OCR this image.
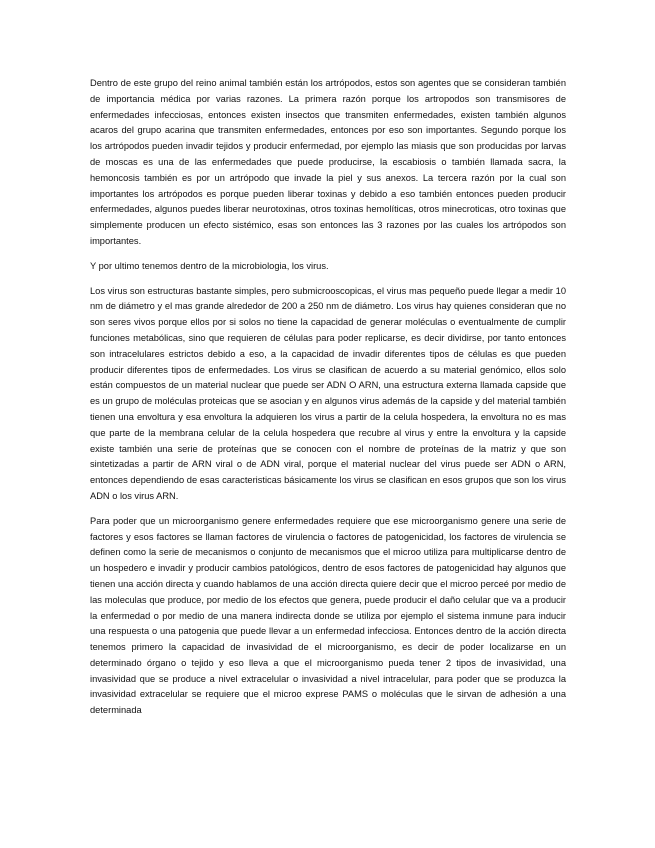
Dentro de este grupo del reino animal también están los artrópodos, estos son agentes que se consideran también de importancia médica por varias razones. La primera razón porque los artropodos son transmisores de enfermedades infecciosas, entonces existen insectos que transmiten enfermedades, existen también algunos acaros del grupo acarina que transmiten enfermedades, entonces por eso son importantes. Segundo porque los los artrópodos pueden invadir tejidos y producir enfermedad, por ejemplo las miasis que son producidas por larvas de moscas es una de las enfermedades que puede producirse, la escabiosis o también llamada sacra, la hemoncosis también es por un artrópodo que invade la piel y sus anexos. La tercera razón por la cual son importantes los artrópodos es porque pueden liberar toxinas y debido a eso también entonces pueden producir enfermedades, algunos puedes liberar neurotoxinas, otros toxinas hemolíticas, otros minecroticas, otro toxinas que simplemente producen un efecto sistémico, esas son entonces las 3 razones por las cuales los artrópodos son importantes.

Y por ultimo tenemos dentro de la microbiologia, los virus.

Los virus son estructuras bastante simples, pero submicrooscopicas, el virus mas pequeño puede llegar a medir 10 nm de diámetro y el mas grande alrededor de 200 a 250 nm de diámetro. Los virus hay quienes consideran que no son seres vivos porque ellos por si solos no tiene la capacidad de generar moléculas o eventualmente de cumplir funciones metabólicas, sino que requieren de células para poder replicarse, es decir dividirse, por tanto entonces son intracelulares estrictos debido a eso, a la capacidad de invadir diferentes tipos de células es que pueden producir diferentes tipos de enfermedades. Los virus se clasifican de acuerdo a su material genómico, ellos solo están compuestos de un material nuclear que puede ser ADN O ARN, una estructura externa llamada capside que es un grupo de moléculas proteicas que se asocian y en algunos virus además de la capside y del material también tienen una envoltura y esa envoltura la adquieren los virus a partir de la celula hospedera, la envoltura no es mas que parte de la membrana celular de la celula hospedera que recubre al virus y entre la envoltura y la capside existe también una serie de proteínas que se conocen con el nombre de proteínas de la matriz y que son sintetizadas a partir de ARN viral o de ADN viral, porque el material nuclear del virus puede ser ADN o ARN, entonces dependiendo de esas caracteristicas básicamente los virus se clasifican en esos grupos que son los virus ADN o los virus ARN.

Para poder que un microorganismo genere enfermedades requiere que ese microorganismo genere una serie de factores y esos factores se llaman factores de virulencia o factores de patogenicidad, los factores de virulencia se definen como la serie de mecanismos o conjunto de mecanismos que el microo utiliza para multiplicarse dentro de un hospedero e invadir y producir cambios patológicos, dentro de esos factores de patogenicidad hay algunos que tienen una acción directa y cuando hablamos de una acción directa quiere decir que el microo perceé por medio de las moleculas que produce, por medio de los efectos que genera, puede producir el daño celular que va a producir la enfermedad o por medio de una manera indirecta donde se utiliza por ejemplo el sistema inmune para inducir una respuesta o una patogenia que puede llevar a un enfermedad infecciosa. Entonces dentro de la acción directa tenemos primero la capacidad de invasividad de el microorganismo, es decir de poder localizarse en un determinado órgano o tejido y eso lleva a que el microorganismo pueda tener 2 tipos de invasividad, una invasividad que se produce a nivel extracelular o invasividad a nivel intracelular, para poder que se produzca la invasividad extracelular se requiere que el microo exprese PAMS o moléculas que le sirvan de adhesión a una determinada
